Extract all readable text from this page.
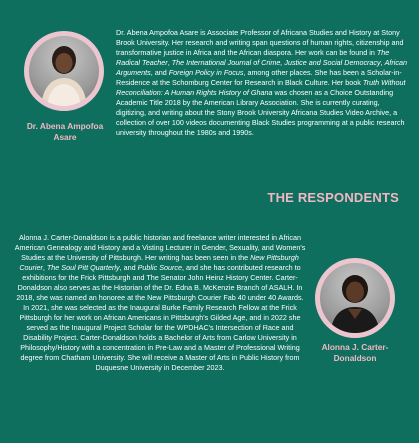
Dr. Abena Ampofoa Asare
Dr. Abena Ampofoa Asare is Associate Professor of Africana Studies and History at Stony Brook University. Her research and writing span questions of human rights, citizenship and transformative justice in Africa and the African diaspora. Her work can be found in The Radical Teacher, The International Journal of Crime, Justice and Social Democracy, African Arguments, and Foreign Policy in Focus, among other places. She has been a Scholar-in-Residence at the Schomburg Center for Research in Black Culture. Her book Truth Without Reconciliation: A Human Rights History of Ghana was chosen as a Choice Outstanding Academic Title 2018 by the American Library Association. She is currently curating, digitizing, and writing about the Stony Brook University Africana Studies Video Archive, a collection of over 100 videos documenting Black Studies programming at a public research university throughout the 1980s and 1990s.
THE RESPONDENTS
Alonna J. Carter-Donaldson is a public historian and freelance writer interested in African American Genealogy and History and a Visting Lecturer in Gender, Sexuality, and Women's Studies at the University of Pittsburgh. Her writing has been seen in the New Pittsburgh Courier, The Soul Pitt Quarterly, and Public Source, and she has contributed research to exhibitions for the Frick Pittsburgh and The Senator John Heinz History Center. Carter-Donaldson also serves as the Historian of the Dr. Edna B. McKenzie Branch of ASALH. In 2018, she was named an honoree at the New Pittsburgh Courier Fab 40 under 40 Awards. In 2021, she was selected as the Inaugural Burke Family Research Fellow at the Frick Pittsburgh for her work on African Americans in Pittsburgh's Gilded Age, and in 2022 she served as the Inaugural Project Scholar for the WPDHAC's Intersection of Race and Disability Project. Carter-Donaldson holds a Bachelor of Arts from Carlow University in Philosophy/History with a concentration in Pre-Law and a Master of Professional Writing degree from Chatham University. She will receive a Master of Arts in Public History from Duquesne University in December 2023.
Alonna J. Carter-Donaldson
